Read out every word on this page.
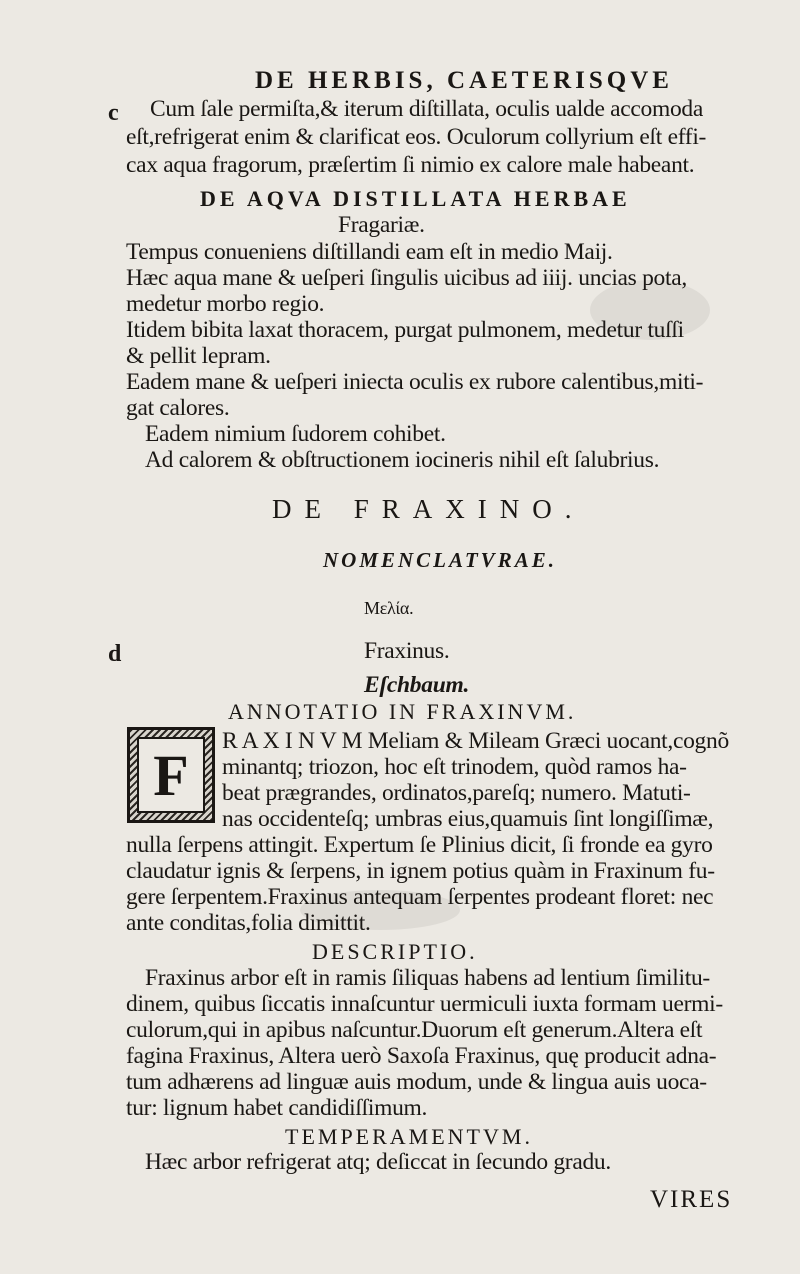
DE HERBIS, CAETERISQVE
c Cum ſale permiſta,& iterum diſtillata, oculis ualde accomoda
eſt,refrigerat enim & clarificat eos. Oculorum collyrium eſt effi-
cax aqua fragorum, præſertim ſi nimio ex calore male habeant.
DE AQVA DISTILLATA HERBAE
Fragariæ.
Tempus conueniens diſtillandi eam eſt in medio Maij.
Hæc aqua mane & ueſperi ſingulis uicibus ad iiij. uncias pota,
medetur morbo regio.
Itidem bibita laxat thoracem, purgat pulmonem, medetur tuſſi
& pellit lepram.
Eadem mane & ueſperi iniecta oculis ex rubore calentibus,miti-
gat calores.
Eadem nimium ſudorem cohibet.
Ad calorem & obſtructionem iocineris nihil eſt ſalubrius.
DE FRAXINO.
NOMENCLATVRAE.
Μελία.
d	Fraxinus.
Eſchbaum.
ANNOTATIO IN FRAXINVM.
F
R A X I N V M Meliam & Mileam Græci uocant,cognõ
minantq; triozon, hoc eſt trinodem, quòd ramos ha-
beat prægrandes, ordinatos,pareſq; numero. Matuti-
nas occidenteſq; umbras eius,quamuis ſint longiſſimæ,
nulla ſerpens attingit. Expertum ſe Plinius dicit, ſi fronde ea gyro
claudatur ignis & ſerpens, in ignem potius quàm in Fraxinum fu-
gere ſerpentem.Fraxinus antequam ſerpentes prodeant floret: nec
ante conditas,folia dimittit.
DESCRIPTIO.
Fraxinus arbor eſt in ramis ſiliquas habens ad lentium ſimilitu-
dinem, quibus ſiccatis innaſcuntur uermiculi iuxta formam uermi-
culorum,qui in apibus naſcuntur.Duorum eſt generum.Altera eſt
fagina Fraxinus, Altera uerò Saxoſa Fraxinus, quę producit adna-
tum adhærens ad linguæ auis modum, unde & lingua auis uoca-
tur: lignum habet candidiſſimum.
TEMPERAMENTVM.
Hæc arbor refrigerat atq; deſiccat in ſecundo gradu.
VIRES
